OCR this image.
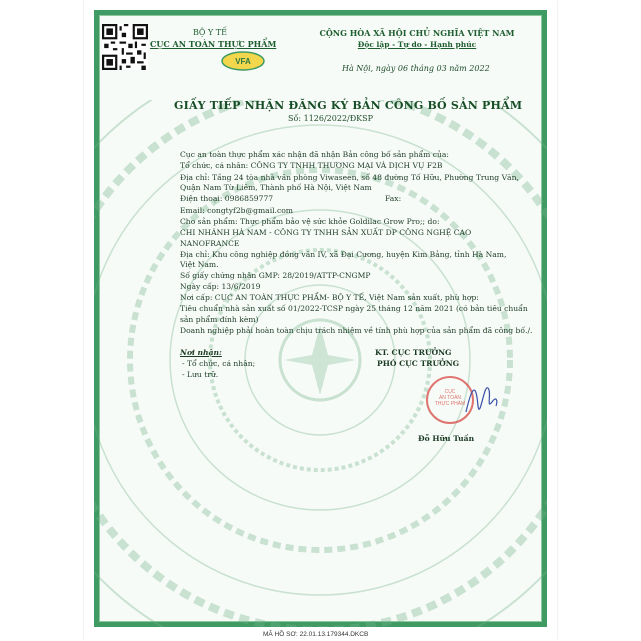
BỘ Y TẾ
CỤC AN TOÀN THỰC PHẨM
VFA
CỘNG HÒA XÃ HỘI CHỦ NGHĨA VIỆT NAM
Độc lập - Tự do - Hạnh phúc
Hà Nội, ngày 06 tháng 03 năm 2022
GIẤY TIẾP NHẬN ĐĂNG KÝ BẢN CÔNG BỐ SẢN PHẨM
Số: 1126/2022/ĐKSP
Cục an toàn thực phẩm xác nhận đã nhận Bản công bố sản phẩm của:
Tổ chức, cá nhân: CÔNG TY TNHH THƯƠNG MẠI VÀ DỊCH VỤ F2B
Địa chỉ: Tầng 24 tòa nhà văn phòng Viwaseen, số 48 đường Tố Hữu, Phường Trung Văn,
Quận Nam Từ Liêm, Thành phố Hà Nội, Việt Nam
Điện thoại: 0986859777	Fax:
Email: congtyf2b@gmail.com
Cho sản phẩm: Thực phẩm bảo vệ sức khỏe Goldilac Grow Pro;; do:
CHI NHÁNH HÀ NAM - CÔNG TY TNHH SẢN XUẤT DP CÔNG NGHỆ CAO
NANOFRANCE
Địa chỉ: Khu công nghiệp đồng văn IV, xã Đại Cương, huyện Kim Bảng, tỉnh Hà Nam,
Việt Nam.
Số giấy chứng nhận GMP: 28/2019/ATTP-CNGMP
Ngày cấp: 13/6/2019
Nơi cấp: CỤC AN TOÀN THỰC PHẨM- BỘ Y TẾ, Việt Nam sản xuất, phù hợp:
Tiêu chuẩn nhà sản xuất số 01/2022-TCSP ngày 25 tháng 12 năm 2021 (có bản tiêu chuẩn
sản phẩm đính kèm)
Doanh nghiệp phải hoàn toàn chịu trách nhiệm về tính phù hợp của sản phẩm đã công bố./.
Nơi nhận:
- Tổ chức, cá nhân;
- Lưu trữ.
KT. CỤC TRƯỞNG
PHÓ CỤC TRƯỞNG
CỤC
AN TOÀN
THỰC PHẨM
Đỗ Hữu Tuấn
MÃ HỒ SƠ: 22.01.13.179344.DKCB
